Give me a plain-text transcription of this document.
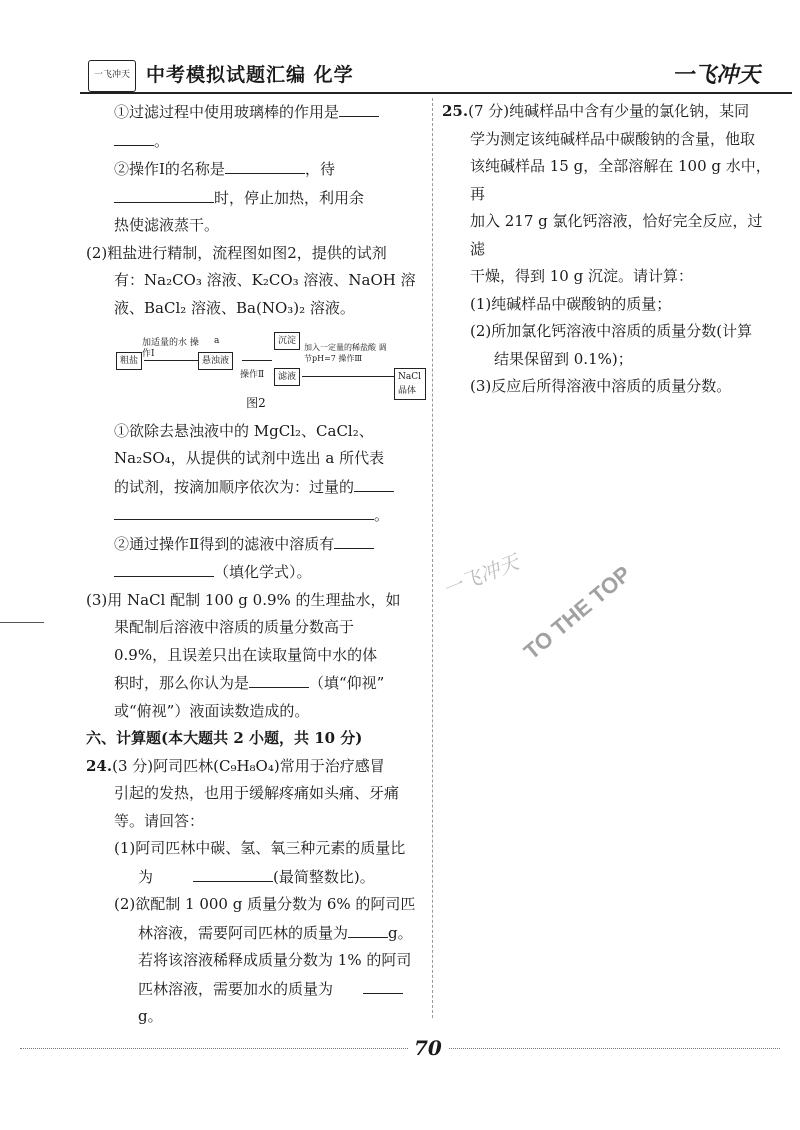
一飞冲天 中考模拟试题汇编 化学	一飞冲天

①过滤过程中使用玻璃棒的作用是

。

②操作Ⅰ的名称是	，待

时，停止加热，利用余

热使滤液蒸干。

(2)粗盐进行精制，流程图如图2，提供的试剂

有：Na₂CO₃ 溶液、K₂CO₃ 溶液、NaOH 溶

液、BaCl₂ 溶液、Ba(NO₃)₂ 溶液。

粗盐
加适量的水 操作Ⅰ
a
悬浊液
操作Ⅱ
沉淀
滤液
加入一定量的稀盐酸 调节pH=7 操作Ⅲ
NaCl晶体
图2

①欲除去悬浊液中的 MgCl₂、CaCl₂、

Na₂SO₄，从提供的试剂中选出 a 所代表

的试剂，按滴加顺序依次为：过量的

。

②通过操作Ⅱ得到的滤液中溶质有

（填化学式）。

(3)用 NaCl 配制 100 g 0.9% 的生理盐水，如

果配制后溶液中溶质的质量分数高于

0.9%，且误差只出在读取量筒中水的体

积时，那么你认为是	（填“仰视”

或“俯视”）液面读数造成的。

六、计算题(本大题共 2 小题，共 10 分)

24.(3 分)阿司匹林(C₉H₈O₄)常用于治疗感冒

引起的发热，也用于缓解疼痛如头痛、牙痛

等。请回答：

(1)阿司匹林中碳、氢、氧三种元素的质量比

为	(最简整数比)。

(2)欲配制 1 000 g 质量分数为 6% 的阿司匹

林溶液，需要阿司匹林的质量为	g。

若将该溶液稀释成质量分数为 1% 的阿司

匹林溶液，需要加水的质量为g。

25.(7 分)纯碱样品中含有少量的氯化钠，某同

学为测定该纯碱样品中碳酸钠的含量，他取

该纯碱样品 15 g，全部溶解在 100 g 水中，再

加入 217 g 氯化钙溶液，恰好完全反应，过滤

干燥，得到 10 g 沉淀。请计算：

(1)纯碱样品中碳酸钠的质量；

(2)所加氯化钙溶液中溶质的质量分数(计算

结果保留到 0.1%)；

(3)反应后所得溶液中溶质的质量分数。

一飞冲天
TO THE TOP
70
